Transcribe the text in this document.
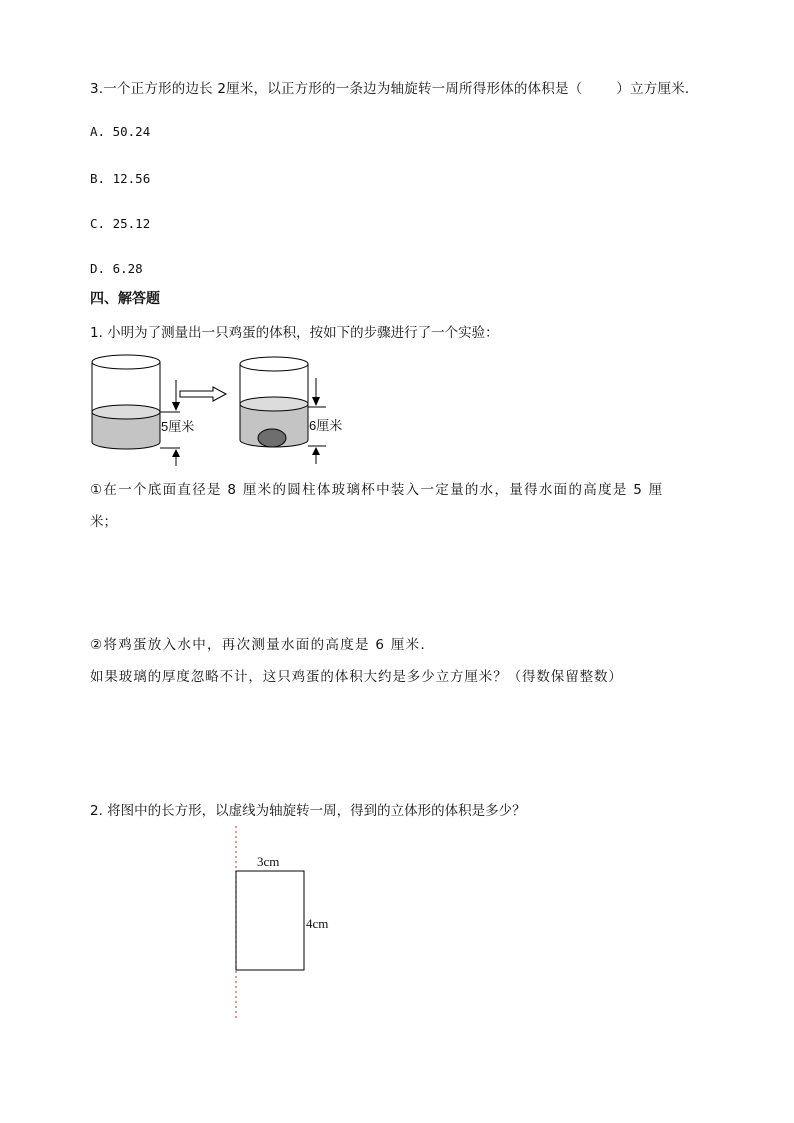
3.一个正方形的边长 2厘米，以正方形的一条边为轴旋转一周所得形体的体积是（	）立方厘米．
A. 50.24
B. 12.56
C. 25.12
D. 6.28
四、解答题
1. 小明为了测量出一只鸡蛋的体积，按如下的步骤进行了一个实验：
5厘米	6厘米
3cm
4cm
①在一个底面直径是 8 厘米的圆柱体玻璃杯中装入一定量的水，量得水面的高度是 5 厘
米；
②将鸡蛋放入水中，再次测量水面的高度是 6 厘米．
如果玻璃的厚度忽略不计，这只鸡蛋的体积大约是多少立方厘米？（得数保留整数）
2. 将图中的长方形，以虚线为轴旋转一周，得到的立体形的体积是多少？
